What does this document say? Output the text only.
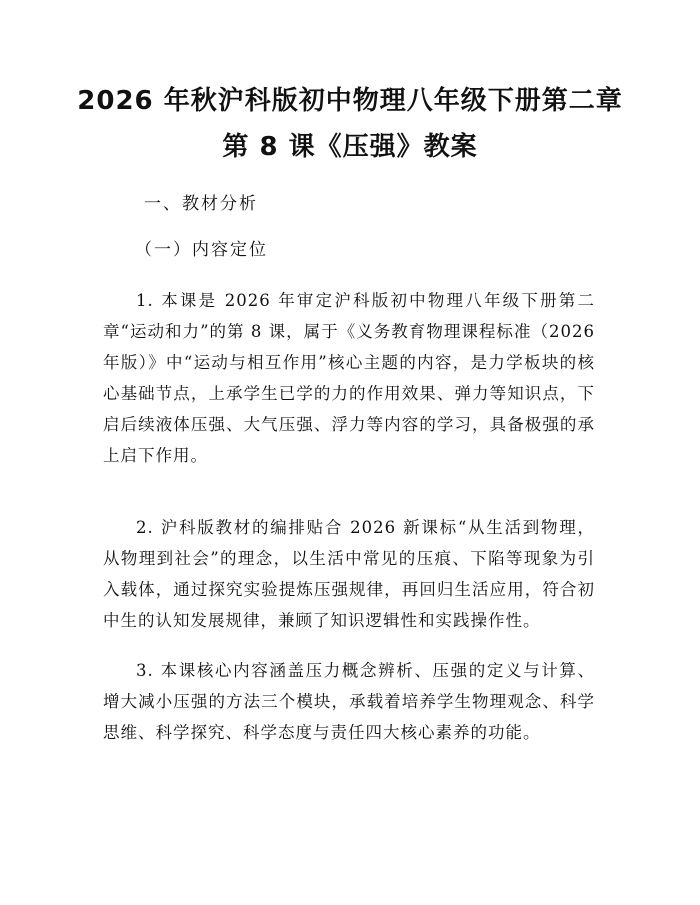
2026 年秋沪科版初中物理八年级下册第二章
第 8 课《压强》教案
一、教材分析
（一）内容定位

1. 本课是 2026 年审定沪科版初中物理八年级下册第二章“运动和力”的第 8 课，属于《义务教育物理课程标准（2026 年版）》中“运动与相互作用”核心主题的内容，是力学板块的核心基础节点，上承学生已学的力的作用效果、弹力等知识点，下启后续液体压强、大气压强、浮力等内容的学习，具备极强的承上启下作用。

2. 沪科版教材的编排贴合 2026 新课标“从生活到物理，从物理到社会”的理念，以生活中常见的压痕、下陷等现象为引入载体，通过探究实验提炼压强规律，再回归生活应用，符合初中生的认知发展规律，兼顾了知识逻辑性和实践操作性。

3. 本课核心内容涵盖压力概念辨析、压强的定义与计算、增大减小压强的方法三个模块，承载着培养学生物理观念、科学思维、科学探究、科学态度与责任四大核心素养的功能。
